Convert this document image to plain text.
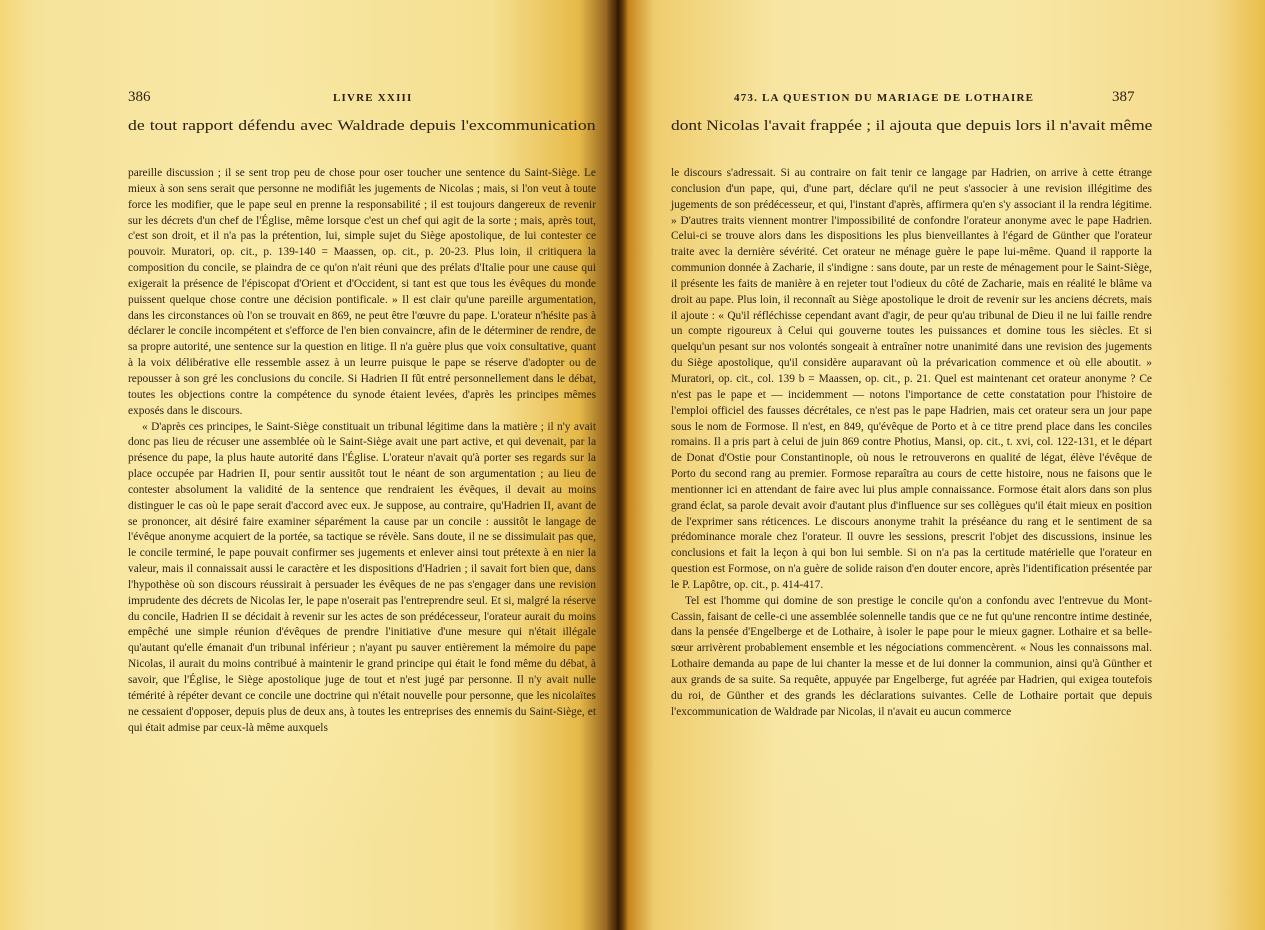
386	LIVRE XXIII
de tout rapport défendu avec Waldrade depuis l'excommunication

pareille discussion ; il se sent trop peu de chose pour oser toucher une sentence du Saint-Siège. Le mieux à son sens serait que personne ne modifiât les jugements de Nicolas ; mais, si l'on veut à toute force les modifier, que le pape seul en prenne la responsabilité ; il est toujours dangereux de revenir sur les décrets d'un chef de l'Église, même lorsque c'est un chef qui agit de la sorte ; mais, après tout, c'est son droit, et il n'a pas la prétention, lui, simple sujet du Siège apostolique, de lui contester ce pouvoir. Muratori, op. cit., p. 139-140 = Maassen, op. cit., p. 20-23. Plus loin, il critiquera la composition du concile, se plaindra de ce qu'on n'ait réuni que des prélats d'Italie pour une cause qui exigerait la présence de l'épiscopat d'Orient et d'Occident, si tant est que tous les évêques du monde puissent quelque chose contre une décision pontificale. » Il est clair qu'une pareille argumentation, dans les circonstances où l'on se trouvait en 869, ne peut être l'œuvre du pape. L'orateur n'hésite pas à déclarer le concile incompétent et s'efforce de l'en bien convaincre, afin de le déterminer de rendre, de sa propre autorité, une sentence sur la question en litige. Il n'a guère plus que voix consultative, quant à la voix délibérative elle ressemble assez à un leurre puisque le pape se réserve d'adopter ou de repousser à son gré les conclusions du concile. Si Hadrien II fût entré personnellement dans le débat, toutes les objections contre la compétence du synode étaient levées, d'après les principes mêmes exposés dans le discours.

« D'après ces principes, le Saint-Siège constituait un tribunal légitime dans la matière ; il n'y avait donc pas lieu de récuser une assemblée où le Saint-Siège avait une part active, et qui devenait, par la présence du pape, la plus haute autorité dans l'Église. L'orateur n'avait qu'à porter ses regards sur la place occupée par Hadrien II, pour sentir aussitôt tout le néant de son argumentation ; au lieu de contester absolument la validité de la sentence que rendraient les évêques, il devait au moins distinguer le cas où le pape serait d'accord avec eux. Je suppose, au contraire, qu'Hadrien II, avant de se prononcer, ait désiré faire examiner séparément la cause par un concile : aussitôt le langage de l'évêque anonyme acquiert de la portée, sa tactique se révèle. Sans doute, il ne se dissimulait pas que, le concile terminé, le pape pouvait confirmer ses jugements et enlever ainsi tout prétexte à en nier la valeur, mais il connaissait aussi le caractère et les dispositions d'Hadrien ; il savait fort bien que, dans l'hypothèse où son discours réussirait à persuader les évêques de ne pas s'engager dans une revision imprudente des décrets de Nicolas Ier, le pape n'oserait pas l'entreprendre seul. Et si, malgré la réserve du concile, Hadrien II se décidait à revenir sur les actes de son prédécesseur, l'orateur aurait du moins empêché une simple réunion d'évêques de prendre l'initiative d'une mesure qui n'était illégale qu'autant qu'elle émanait d'un tribunal inférieur ; n'ayant pu sauver entièrement la mémoire du pape Nicolas, il aurait du moins contribué à maintenir le grand principe qui était le fond même du débat, à savoir, que l'Église, le Siège apostolique juge de tout et n'est jugé par personne. Il n'y avait nulle témérité à répéter devant ce concile une doctrine qui n'était nouvelle pour personne, que les nicolaïtes ne cessaient d'opposer, depuis plus de deux ans, à toutes les entreprises des ennemis du Saint-Siège, et qui était admise par ceux-là même auxquels

473. LA QUESTION DU MARIAGE DE LOTHAIRE	387
dont Nicolas l'avait frappée ; il ajouta que depuis lors il n'avait même

le discours s'adressait. Si au contraire on fait tenir ce langage par Hadrien, on arrive à cette étrange conclusion d'un pape, qui, d'une part, déclare qu'il ne peut s'associer à une revision illégitime des jugements de son prédécesseur, et qui, l'instant d'après, affirmera qu'en s'y associant il la rendra légitime. » D'autres traits viennent montrer l'impossibilité de confondre l'orateur anonyme avec le pape Hadrien. Celui-ci se trouve alors dans les dispositions les plus bienveillantes à l'égard de Günther que l'orateur traite avec la dernière sévérité. Cet orateur ne ménage guère le pape lui-même. Quand il rapporte la communion donnée à Zacharie, il s'indigne : sans doute, par un reste de ménagement pour le Saint-Siège, il présente les faits de manière à en rejeter tout l'odieux du côté de Zacharie, mais en réalité le blâme va droit au pape. Plus loin, il reconnaît au Siège apostolique le droit de revenir sur les anciens décrets, mais il ajoute : « Qu'il réfléchisse cependant avant d'agir, de peur qu'au tribunal de Dieu il ne lui faille rendre un compte rigoureux à Celui qui gouverne toutes les puissances et domine tous les siècles. Et si quelqu'un pesant sur nos volontés songeait à entraîner notre unanimité dans une revision des jugements du Siège apostolique, qu'il considère auparavant où la prévarication commence et où elle aboutit. » Muratori, op. cit., col. 139 b = Maassen, op. cit., p. 21. Quel est maintenant cet orateur anonyme ? Ce n'est pas le pape et — incidemment — notons l'importance de cette constatation pour l'histoire de l'emploi officiel des fausses décrétales, ce n'est pas le pape Hadrien, mais cet orateur sera un jour pape sous le nom de Formose. Il n'est, en 849, qu'évêque de Porto et à ce titre prend place dans les conciles romains. Il a pris part à celui de juin 869 contre Photius, Mansi, op. cit., t. xvi, col. 122-131, et le départ de Donat d'Ostie pour Constantinople, où nous le retrouverons en qualité de légat, élève l'évêque de Porto du second rang au premier. Formose reparaîtra au cours de cette histoire, nous ne faisons que le mentionner ici en attendant de faire avec lui plus ample connaissance. Formose était alors dans son plus grand éclat, sa parole devait avoir d'autant plus d'influence sur ses collègues qu'il était mieux en position de l'exprimer sans réticences. Le discours anonyme trahit la préséance du rang et le sentiment de sa prédominance morale chez l'orateur. Il ouvre les sessions, prescrit l'objet des discussions, insinue les conclusions et fait la leçon à qui bon lui semble. Si on n'a pas la certitude matérielle que l'orateur en question est Formose, on n'a guère de solide raison d'en douter encore, après l'identification présentée par le P. Lapôtre, op. cit., p. 414-417.

Tel est l'homme qui domine de son prestige le concile qu'on a confondu avec l'entrevue du Mont-Cassin, faisant de celle-ci une assemblée solennelle tandis que ce ne fut qu'une rencontre intime destinée, dans la pensée d'Engelberge et de Lothaire, à isoler le pape pour le mieux gagner. Lothaire et sa belle-sœur arrivèrent probablement ensemble et les négociations commencèrent. « Nous les connaissons mal. Lothaire demanda au pape de lui chanter la messe et de lui donner la communion, ainsi qu'à Günther et aux grands de sa suite. Sa requête, appuyée par Engelberge, fut agréée par Hadrien, qui exigea toutefois du roi, de Günther et des grands les déclarations suivantes. Celle de Lothaire portait que depuis l'excommunication de Waldrade par Nicolas, il n'avait eu aucun commerce
